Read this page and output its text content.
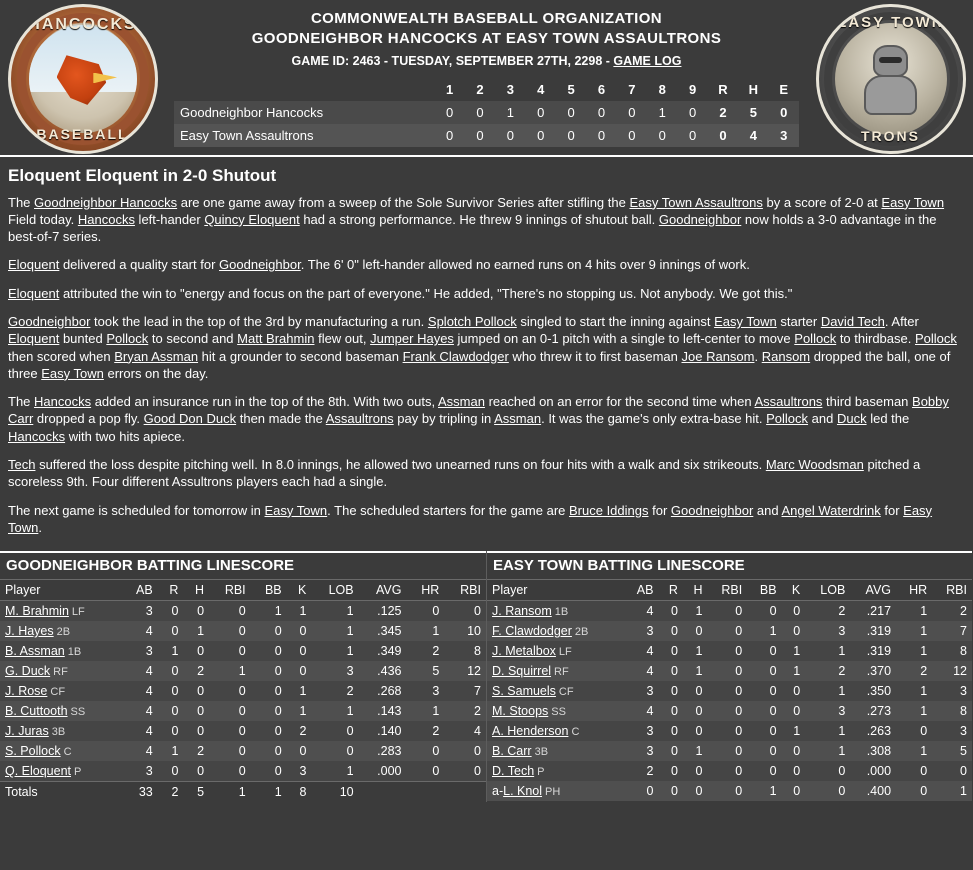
HANCOCKS
BASEBALL
COMMONWEALTH BASEBALL ORGANIZATION
GOODNEIGHBOR HANCOCKS AT EASY TOWN ASSAULTRONS
GAME ID: 2463 - TUESDAY, SEPTEMBER 27TH, 2298 - GAME LOG
	1	2	3	4	5	6	7	8	9	R	H	E
Goodneighbor Hancocks	0	0	1	0	0	0	0	1	0	2	5	0
Easy Town Assaultrons	0	0	0	0	0	0	0	0	0	0	4	3
EASY TOWN
TRONS
Eloquent Eloquent in 2-0 Shutout

The Goodneighbor Hancocks are one game away from a sweep of the Sole Survivor Series after stifling the Easy Town Assaultrons by a score of 2-0 at Easy Town Field today. Hancocks left-hander Quincy Eloquent had a strong performance. He threw 9 innings of shutout ball. Goodneighbor now holds a 3-0 advantage in the best-of-7 series.

Eloquent delivered a quality start for Goodneighbor. The 6' 0" left-hander allowed no earned runs on 4 hits over 9 innings of work.

Eloquent attributed the win to "energy and focus on the part of everyone." He added, "There's no stopping us. Not anybody. We got this."

Goodneighbor took the lead in the top of the 3rd by manufacturing a run. Splotch Pollock singled to start the inning against Easy Town starter David Tech. After Eloquent bunted Pollock to second and Matt Brahmin flew out, Jumper Hayes jumped on an 0-1 pitch with a single to left-center to move Pollock to thirdbase. Pollock then scored when Bryan Assman hit a grounder to second baseman Frank Clawdodger who threw it to first baseman Joe Ransom. Ransom dropped the ball, one of three Easy Town errors on the day.

The Hancocks added an insurance run in the top of the 8th. With two outs, Assman reached on an error for the second time when Assaultrons third baseman Bobby Carr dropped a pop fly. Good Don Duck then made the Assaultrons pay by tripling in Assman. It was the game's only extra-base hit. Pollock and Duck led the Hancocks with two hits apiece.

Tech suffered the loss despite pitching well. In 8.0 innings, he allowed two unearned runs on four hits with a walk and six strikeouts. Marc Woodsman pitched a scoreless 9th. Four different Assultrons players each had a single.

The next game is scheduled for tomorrow in Easy Town. The scheduled starters for the game are Bruce Iddings for Goodneighbor and Angel Waterdrink for Easy Town.

GOODNEIGHBOR BATTING LINESCORE
Player	AB	R	H	RBI	BB	K	LOB	AVG	HR	RBI
M. Brahmin LF	3	0	0	0	1	1	1	.125	0	0
J. Hayes 2B	4	0	1	0	0	0	1	.345	1	10
B. Assman 1B	3	1	0	0	0	0	1	.349	2	8
G. Duck RF	4	0	2	1	0	0	3	.436	5	12
J. Rose CF	4	0	0	0	0	1	2	.268	3	7
B. Cuttooth SS	4	0	0	0	0	1	1	.143	1	2
J. Juras 3B	4	0	0	0	0	2	0	.140	2	4
S. Pollock C	4	1	2	0	0	0	0	.283	0	0
Q. Eloquent P	3	0	0	0	0	3	1	.000	0	0
Totals	33	2	5	1	1	8	10			
EASY TOWN BATTING LINESCORE
Player	AB	R	H	RBI	BB	K	LOB	AVG	HR	RBI
J. Ransom 1B	4	0	1	0	0	0	2	.217	1	2
F. Clawdodger 2B	3	0	0	0	1	0	3	.319	1	7
J. Metalbox LF	4	0	1	0	0	1	1	.319	1	8
D. Squirrel RF	4	0	1	0	0	1	2	.370	2	12
S. Samuels CF	3	0	0	0	0	0	1	.350	1	3
M. Stoops SS	4	0	0	0	0	0	3	.273	1	8
A. Henderson C	3	0	0	0	0	1	1	.263	0	3
B. Carr 3B	3	0	1	0	0	0	1	.308	1	5
D. Tech P	2	0	0	0	0	0	0	.000	0	0
a-L. Knol PH	0	0	0	0	1	0	0	.400	0	1
